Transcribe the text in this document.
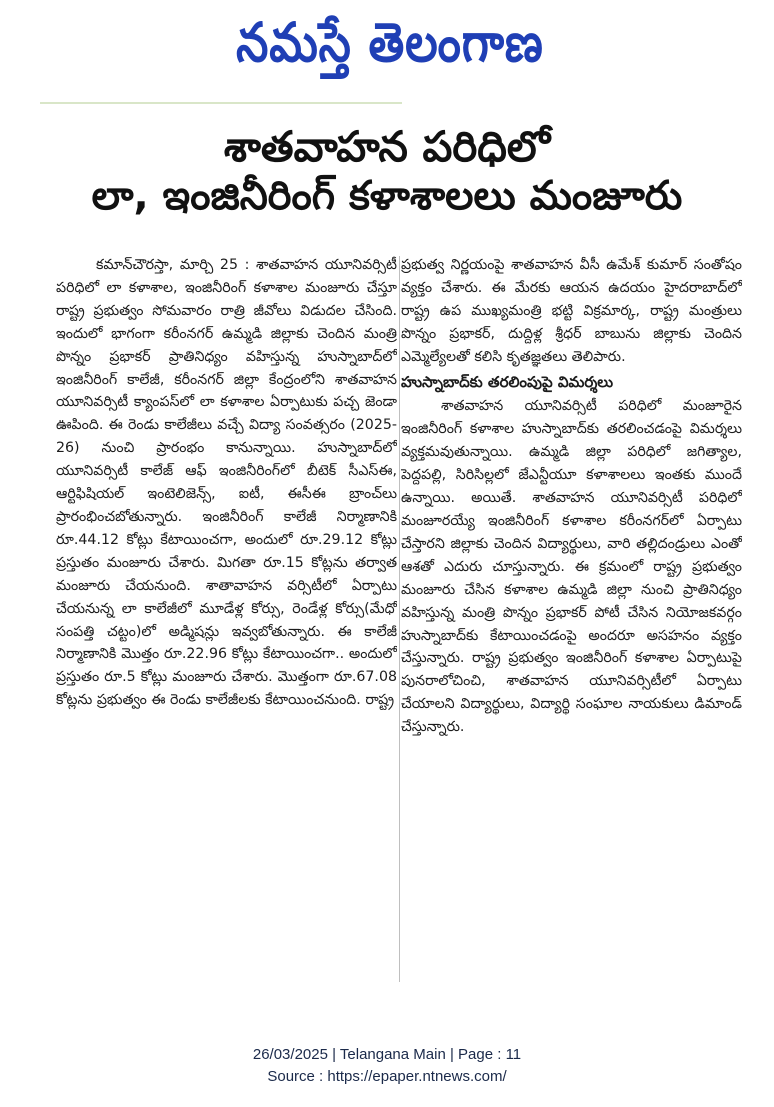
నమస్తే తెలంగాణ
శాతవాహన పరిధిలో
లా, ఇంజినీరింగ్ కళాశాలలు మంజూరు

కమాన్‌చౌరస్తా, మార్చి 25 : శాతవాహన యూనివర్సిటీ పరిధిలో లా కళాశాల, ఇంజినీరింగ్ కళాశాల మంజూరు చేస్తూ రాష్ట్ర ప్రభుత్వం సోమవారం రాత్రి జీవోలు విడుదల చేసింది. ఇందులో భాగంగా కరీంనగర్ ఉమ్మడి జిల్లాకు చెందిన మంత్రి పొన్నం ప్రభాకర్ ప్రాతినిధ్యం వహిస్తున్న హుస్నాబాద్‌లో ఇంజినీరింగ్ కాలేజీ, కరీంనగర్ జిల్లా కేంద్రంలోని శాతవాహన యూనివర్సిటీ క్యాంపస్‌లో లా కళాశాల ఏర్పాటుకు పచ్చ జెండా ఊపింది. ఈ రెండు కాలేజీలు వచ్చే విద్యా సంవత్సరం (2025-26) నుంచి ప్రారంభం కానున్నాయి. హుస్నాబాద్‌లో యూనివర్సిటీ కాలేజ్ ఆఫ్ ఇంజినీరింగ్‌లో బీటెక్ సీఎస్ఈ, ఆర్టిఫిషియల్ ఇంటెలిజెన్స్, ఐటీ, ఈసీఈ బ్రాంచ్‌లు ప్రారంభించబోతున్నారు. ఇంజినీరింగ్ కాలేజీ నిర్మాణానికి రూ.44.12 కోట్లు కేటాయించగా, అందులో రూ.29.12 కోట్లు ప్రస్తుతం మంజూరు చేశారు. మిగతా రూ.15 కోట్లను తర్వాత మంజూరు చేయనుంది. శాతావాహన వర్సిటీలో ఏర్పాటు చేయనున్న లా కాలేజీలో మూడేళ్ల కోర్సు, రెండేళ్ల కోర్సు(మేధో సంపత్తి చట్టం)లో అడ్మిషన్లు ఇవ్వబోతున్నారు. ఈ కాలేజీ నిర్మాణానికి మొత్తం రూ.22.96 కోట్లు కేటాయించగా.. అందులో ప్రస్తుతం రూ.5 కోట్లు మంజూరు చేశారు. మొత్తంగా రూ.67.08 కోట్లను ప్రభుత్వం ఈ రెండు కాలేజీలకు కేటాయించనుంది. రాష్ట్ర

ప్రభుత్వ నిర్ణయంపై శాతవాహన వీసీ ఉమేశ్ కుమార్ సంతోషం వ్యక్తం చేశారు. ఈ మేరకు ఆయన ఉదయం హైదరాబాద్‌లో రాష్ట్ర ఉప ముఖ్యమంత్రి భట్టి విక్రమార్క, రాష్ట్ర మంత్రులు పొన్నం ప్రభాకర్, దుద్దిళ్ల శ్రీధర్ బాబును జిల్లాకు చెందిన ఎమ్మెల్యేలతో కలిసి కృతజ్ఞతలు తెలిపారు.

హుస్నాబాద్‌కు తరలింపుపై విమర్శలు

శాతవాహన యూనివర్సిటీ పరిధిలో మంజూరైన ఇంజినీరింగ్ కళాశాల హుస్నాబాద్‌కు తరలించడంపై విమర్శలు వ్యక్తమవుతున్నాయి. ఉమ్మడి జిల్లా పరిధిలో జగిత్యాల, పెద్దపల్లి, సిరిసిల్లలో జేఎన్టీయూ కళాశాలలు ఇంతకు ముందే ఉన్నాయి. అయితే. శాతవాహన యూనివర్సిటీ పరిధిలో మంజూరయ్యే ఇంజినీరింగ్ కళాశాల కరీంనగర్‌లో ఏర్పాటు చేస్తారని జిల్లాకు చెందిన విద్యార్థులు, వారి తల్లిదండ్రులు ఎంతో ఆశతో ఎదురు చూస్తున్నారు. ఈ క్రమంలో రాష్ట్ర ప్రభుత్వం మంజూరు చేసిన కళాశాల ఉమ్మడి జిల్లా నుంచి ప్రాతినిధ్యం వహిస్తున్న మంత్రి పొన్నం ప్రభాకర్ పోటీ చేసిన నియోజకవర్గం హుస్నాబాద్‌కు కేటాయించడంపై అందరూ అసహనం వ్యక్తం చేస్తున్నారు. రాష్ట్ర ప్రభుత్వం ఇంజినీరింగ్ కళాశాల ఏర్పాటుపై పునరాలోచించి, శాతవాహన యూనివర్సిటీలో ఏర్పాటు చేయాలని విద్యార్థులు, విద్యార్థి సంఘాల నాయకులు డిమాండ్ చేస్తున్నారు.

26/03/2025 | Telangana Main | Page : 11
Source : https://epaper.ntnews.com/
